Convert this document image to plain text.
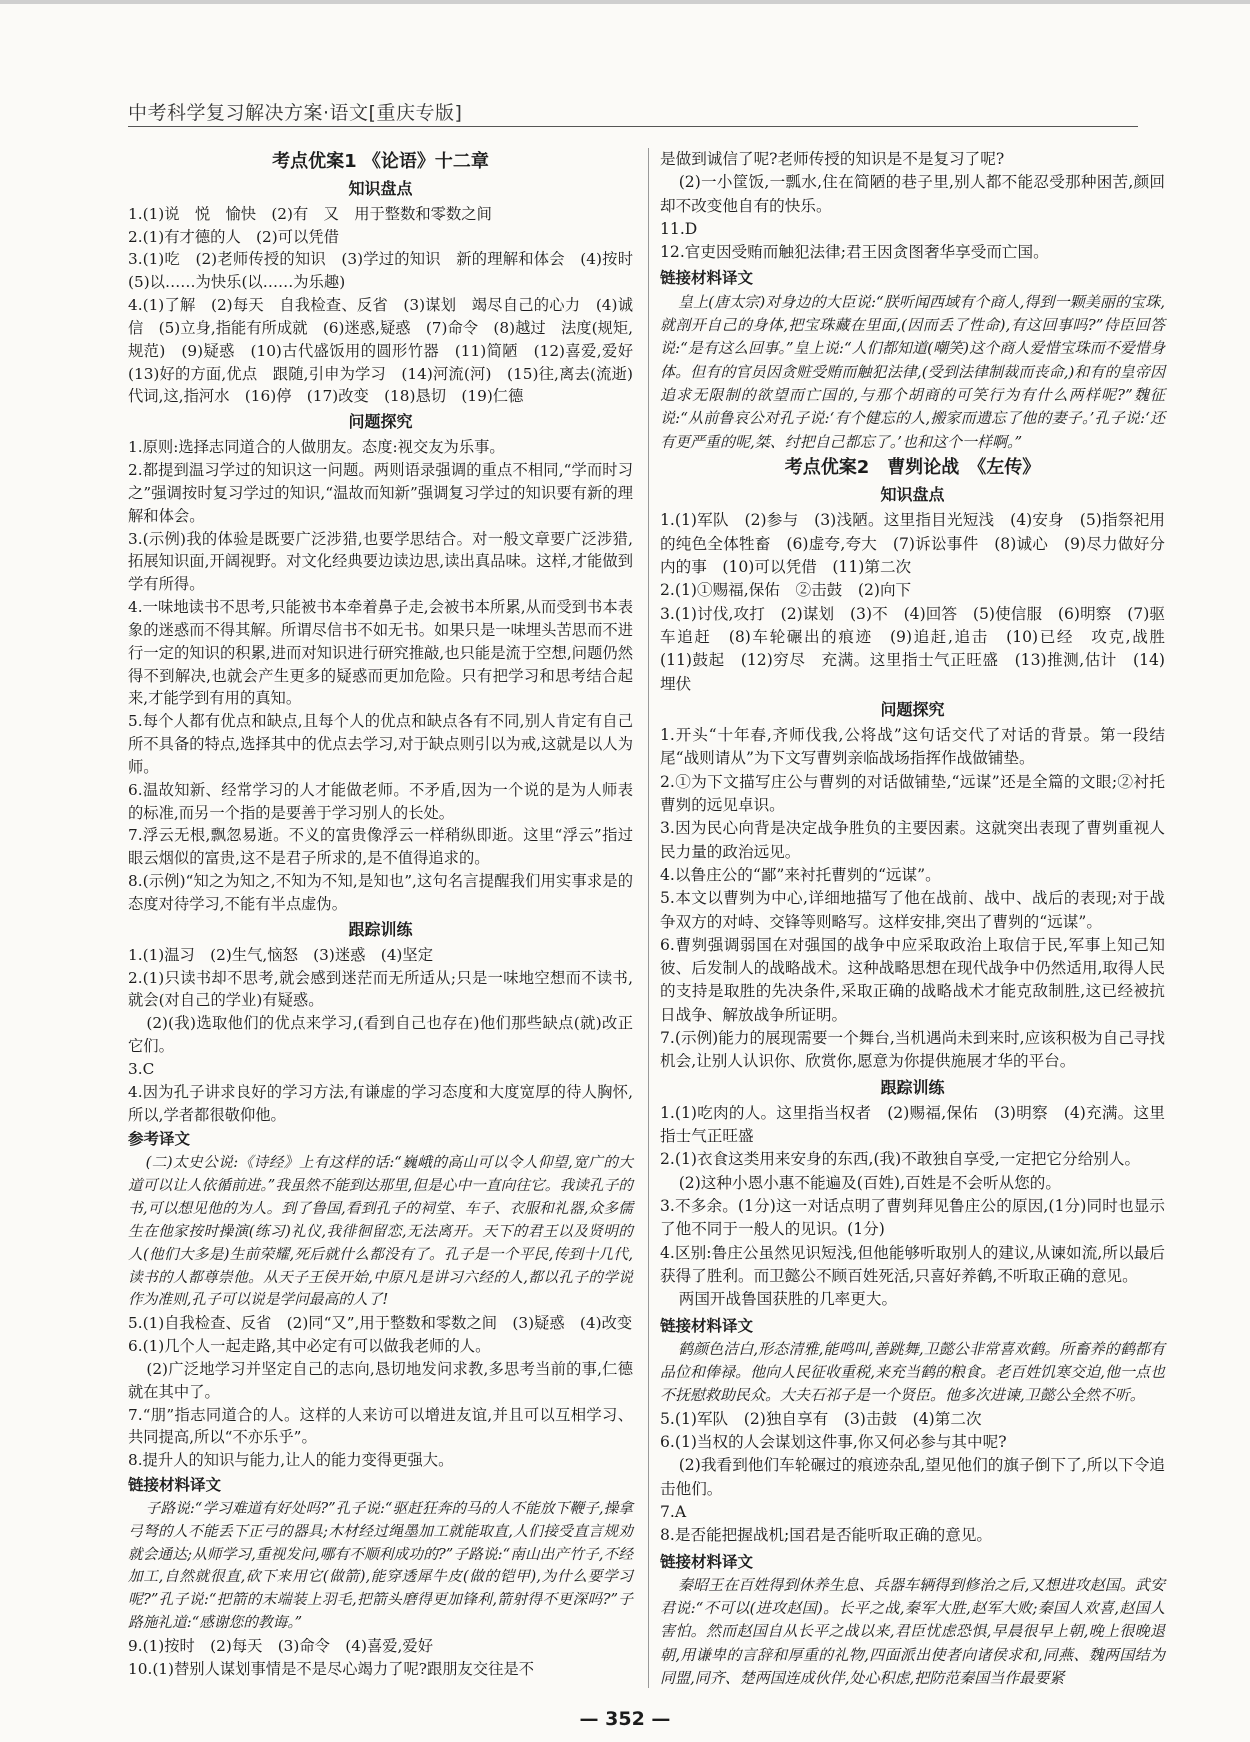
中考科学复习解决方案·语文[重庆专版]
考点优案1 《论语》十二章
知识盘点

1.(1)说　悦　愉快　(2)有　又　用于整数和零数之间

2.(1)有才德的人　(2)可以凭借

3.(1)吃　(2)老师传授的知识　(3)学过的知识　新的理解和体会　(4)按时　(5)以……为快乐(以……为乐趣)

4.(1)了解　(2)每天　自我检查、反省　(3)谋划　竭尽自己的心力　(4)诚信　(5)立身,指能有所成就　(6)迷惑,疑惑　(7)命令　(8)越过　法度(规矩,规范)　(9)疑惑　(10)古代盛饭用的圆形竹器　(11)简陋　(12)喜爱,爱好　(13)好的方面,优点　跟随,引申为学习　(14)河流(河)　(15)往,离去(流逝)　代词,这,指河水　(16)停　(17)改变　(18)恳切　(19)仁德

问题探究

1.原则:选择志同道合的人做朋友。态度:视交友为乐事。

2.都提到温习学过的知识这一问题。两则语录强调的重点不相同,“学而时习之”强调按时复习学过的知识,“温故而知新”强调复习学过的知识要有新的理解和体会。

3.(示例)我的体验是既要广泛涉猎,也要学思结合。对一般文章要广泛涉猎,拓展知识面,开阔视野。对文化经典要边读边思,读出真品味。这样,才能做到学有所得。

4.一味地读书不思考,只能被书本牵着鼻子走,会被书本所累,从而受到书本表象的迷惑而不得其解。所谓尽信书不如无书。如果只是一味埋头苦思而不进行一定的知识的积累,进而对知识进行研究推敲,也只能是流于空想,问题仍然得不到解决,也就会产生更多的疑惑而更加危险。只有把学习和思考结合起来,才能学到有用的真知。

5.每个人都有优点和缺点,且每个人的优点和缺点各有不同,别人肯定有自己所不具备的特点,选择其中的优点去学习,对于缺点则引以为戒,这就是以人为师。

6.温故知新、经常学习的人才能做老师。不矛盾,因为一个说的是为人师表的标准,而另一个指的是要善于学习别人的长处。

7.浮云无根,飘忽易逝。不义的富贵像浮云一样稍纵即逝。这里“浮云”指过眼云烟似的富贵,这不是君子所求的,是不值得追求的。

8.(示例)“知之为知之,不知为不知,是知也”,这句名言提醒我们用实事求是的态度对待学习,不能有半点虚伪。

跟踪训练

1.(1)温习　(2)生气,恼怒　(3)迷惑　(4)坚定

2.(1)只读书却不思考,就会感到迷茫而无所适从;只是一味地空想而不读书,就会(对自己的学业)有疑惑。

(2)(我)选取他们的优点来学习,(看到自己也存在)他们那些缺点(就)改正它们。

3.C

4.因为孔子讲求良好的学习方法,有谦虚的学习态度和大度宽厚的待人胸怀,所以,学者都很敬仰他。

参考译文

(二)太史公说:《诗经》上有这样的话:“巍峨的高山可以令人仰望,宽广的大道可以让人依循前进。”我虽然不能到达那里,但是心中一直向往它。我读孔子的书,可以想见他的为人。到了鲁国,看到孔子的祠堂、车子、衣服和礼器,众多儒生在他家按时操演(练习)礼仪,我徘徊留恋,无法离开。天下的君王以及贤明的人(他们大多是)生前荣耀,死后就什么都没有了。孔子是一个平民,传到十几代,读书的人都尊崇他。从天子王侯开始,中原凡是讲习六经的人,都以孔子的学说作为准则,孔子可以说是学问最高的人了!

5.(1)自我检查、反省　(2)同“又”,用于整数和零数之间　(3)疑惑　(4)改变

6.(1)几个人一起走路,其中必定有可以做我老师的人。

(2)广泛地学习并坚定自己的志向,恳切地发问求教,多思考当前的事,仁德就在其中了。

7.“朋”指志同道合的人。这样的人来访可以增进友谊,并且可以互相学习、共同提高,所以“不亦乐乎”。

8.提升人的知识与能力,让人的能力变得更强大。

链接材料译文

子路说:“学习难道有好处吗?”孔子说:“驱赶狂奔的马的人不能放下鞭子,操拿弓弩的人不能丢下正弓的器具;木材经过绳墨加工就能取直,人们接受直言规劝就会通达;从师学习,重视发问,哪有不顺利成功的?”子路说:“南山出产竹子,不经加工,自然就很直,砍下来用它(做箭),能穿透犀牛皮(做的铠甲),为什么要学习呢?”孔子说:“把箭的末端装上羽毛,把箭头磨得更加锋利,箭射得不更深吗?”子路施礼道:“感谢您的教诲。”

9.(1)按时　(2)每天　(3)命令　(4)喜爱,爱好

10.(1)替别人谋划事情是不是尽心竭力了呢?跟朋友交往是不

是做到诚信了呢?老师传授的知识是不是复习了呢?

(2)一小筐饭,一瓢水,住在简陋的巷子里,别人都不能忍受那种困苦,颜回却不改变他自有的快乐。

11.D

12.官吏因受贿而触犯法律;君王因贪图奢华享受而亡国。

链接材料译文

皇上(唐太宗)对身边的大臣说:“朕听闻西域有个商人,得到一颗美丽的宝珠,就剖开自己的身体,把宝珠藏在里面,(因而丢了性命),有这回事吗?”侍臣回答说:“是有这么回事。”皇上说:“人们都知道(嘲笑)这个商人爱惜宝珠而不爱惜身体。但有的官员因贪赃受贿而触犯法律,(受到法律制裁而丧命,)和有的皇帝因追求无限制的欲望而亡国的,与那个胡商的可笑行为有什么两样呢?”魏征说:“从前鲁哀公对孔子说:‘有个健忘的人,搬家而遗忘了他的妻子。’孔子说:‘还有更严重的呢,桀、纣把自己都忘了。’也和这个一样啊。”

考点优案2　曹刿论战　《左传》
知识盘点

1.(1)军队　(2)参与　(3)浅陋。这里指目光短浅　(4)安身　(5)指祭祀用的纯色全体牲畜　(6)虚夸,夸大　(7)诉讼事件　(8)诚心　(9)尽力做好分内的事　(10)可以凭借　(11)第二次

2.(1)①赐福,保佑　②击鼓　(2)向下

3.(1)讨伐,攻打　(2)谋划　(3)不　(4)回答　(5)使信服　(6)明察　(7)驱车追赶　(8)车轮碾出的痕迹　(9)追赶,追击　(10)已经　攻克,战胜　(11)鼓起　(12)穷尽　充满。这里指士气正旺盛　(13)推测,估计　(14)埋伏

问题探究

1.开头“十年春,齐师伐我,公将战”这句话交代了对话的背景。第一段结尾“战则请从”为下文写曹刿亲临战场指挥作战做铺垫。

2.①为下文描写庄公与曹刿的对话做铺垫,“远谋”还是全篇的文眼;②衬托曹刿的远见卓识。

3.因为民心向背是决定战争胜负的主要因素。这就突出表现了曹刿重视人民力量的政治远见。

4.以鲁庄公的“鄙”来衬托曹刿的“远谋”。

5.本文以曹刿为中心,详细地描写了他在战前、战中、战后的表现;对于战争双方的对峙、交锋等则略写。这样安排,突出了曹刿的“远谋”。

6.曹刿强调弱国在对强国的战争中应采取政治上取信于民,军事上知己知彼、后发制人的战略战术。这种战略思想在现代战争中仍然适用,取得人民的支持是取胜的先决条件,采取正确的战略战术才能克敌制胜,这已经被抗日战争、解放战争所证明。

7.(示例)能力的展现需要一个舞台,当机遇尚未到来时,应该积极为自己寻找机会,让别人认识你、欣赏你,愿意为你提供施展才华的平台。

跟踪训练

1.(1)吃肉的人。这里指当权者　(2)赐福,保佑　(3)明察　(4)充满。这里指士气正旺盛

2.(1)衣食这类用来安身的东西,(我)不敢独自享受,一定把它分给别人。

(2)这种小恩小惠不能遍及(百姓),百姓是不会听从您的。

3.不多余。(1分)这一对话点明了曹刿拜见鲁庄公的原因,(1分)同时也显示了他不同于一般人的见识。(1分)

4.区别:鲁庄公虽然见识短浅,但他能够听取别人的建议,从谏如流,所以最后获得了胜利。而卫懿公不顾百姓死活,只喜好养鹤,不听取正确的意见。

两国开战鲁国获胜的几率更大。

链接材料译文

鹤颜色洁白,形态清雅,能鸣叫,善跳舞,卫懿公非常喜欢鹤。所畜养的鹤都有品位和俸禄。他向人民征收重税,来充当鹤的粮食。老百姓饥寒交迫,他一点也不抚慰救助民众。大夫石祁子是一个贤臣。他多次进谏,卫懿公全然不听。

5.(1)军队　(2)独自享有　(3)击鼓　(4)第二次

6.(1)当权的人会谋划这件事,你又何必参与其中呢?

(2)我看到他们车轮碾过的痕迹杂乱,望见他们的旗子倒下了,所以下令追击他们。

7.A

8.是否能把握战机;国君是否能听取正确的意见。

链接材料译文

秦昭王在百姓得到休养生息、兵器车辆得到修治之后,又想进攻赵国。武安君说:“不可以(进攻赵国)。长平之战,秦军大胜,赵军大败;秦国人欢喜,赵国人害怕。然而赵国自从长平之战以来,君臣忧虑恐惧,早晨很早上朝,晚上很晚退朝,用谦卑的言辞和厚重的礼物,四面派出使者向诸侯求和,同燕、魏两国结为同盟,同齐、楚两国连成伙伴,处心积虑,把防范秦国当作最要紧

— 352 —
